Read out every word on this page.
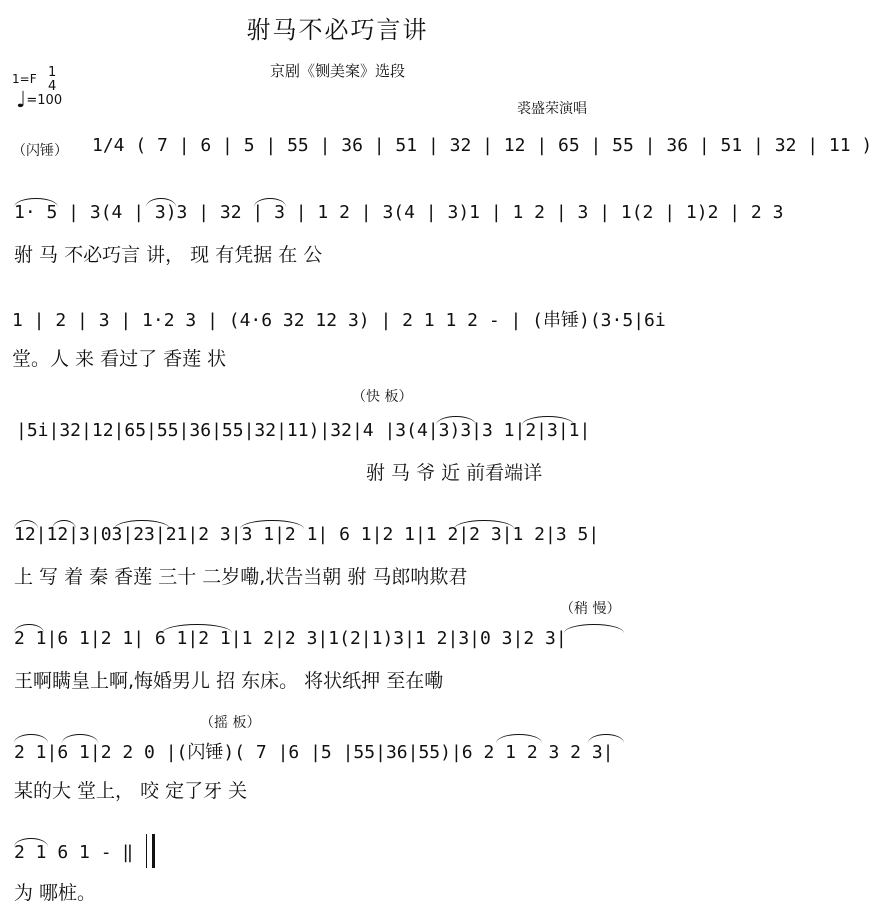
驸马不必巧言讲
京剧《铡美案》选段
1=F 1
4
♩=100
裘盛荣演唱
（闪锤） 1/4 ( 7 | 6 | 5 | 55 | 36 | 51 | 32 | 12 | 65 | 55 | 36 | 51 | 32 | 11 )
1· 5 | 3(4 | 3)3 | 32 | 3 | 1 2 | 3(4 | 3)1 | 1 2 | 3 | 1(2 | 1)2 | 2 3
驸 马 不必巧言 讲， 现 有凭据 在 公
1 | 2 | 3 | 1·2 3 | (4·6 32 12 3) | 2 1 1 2 - | (串锤)(3·5|6i
堂。人 来 看过了 香莲 状
（快 板）
|5i|32|12|65|55|36|55|32|11)|32|4 |3(4|3)3|3 1|2|3|1|
驸 马 爷 近 前看端详
12|12|3|03|23|21|2 3|3 1|2 1| 6 1|2 1|1 2|2 3|1 2|3 5|
上 写 着 秦 香莲 三十 二岁嘞,状告当朝 驸 马郎呐欺君
（稍 慢）
2 1|6 1|2 1| 6 1|2 1|1 2|2 3|1(2|1)3|1 2|3|0 3|2 3|
王啊瞒皇上啊,悔婚男儿 招 东床。 将状纸押 至在嘞
（摇 板）
2 1|6 1|2 2 0 |(闪锤)( 7 |6 |5 |55|36|55)|6 2 1 2 3 2 3|
某的大 堂上， 咬 定了牙 关
2 1 6 1 - ‖
为 哪桩。
